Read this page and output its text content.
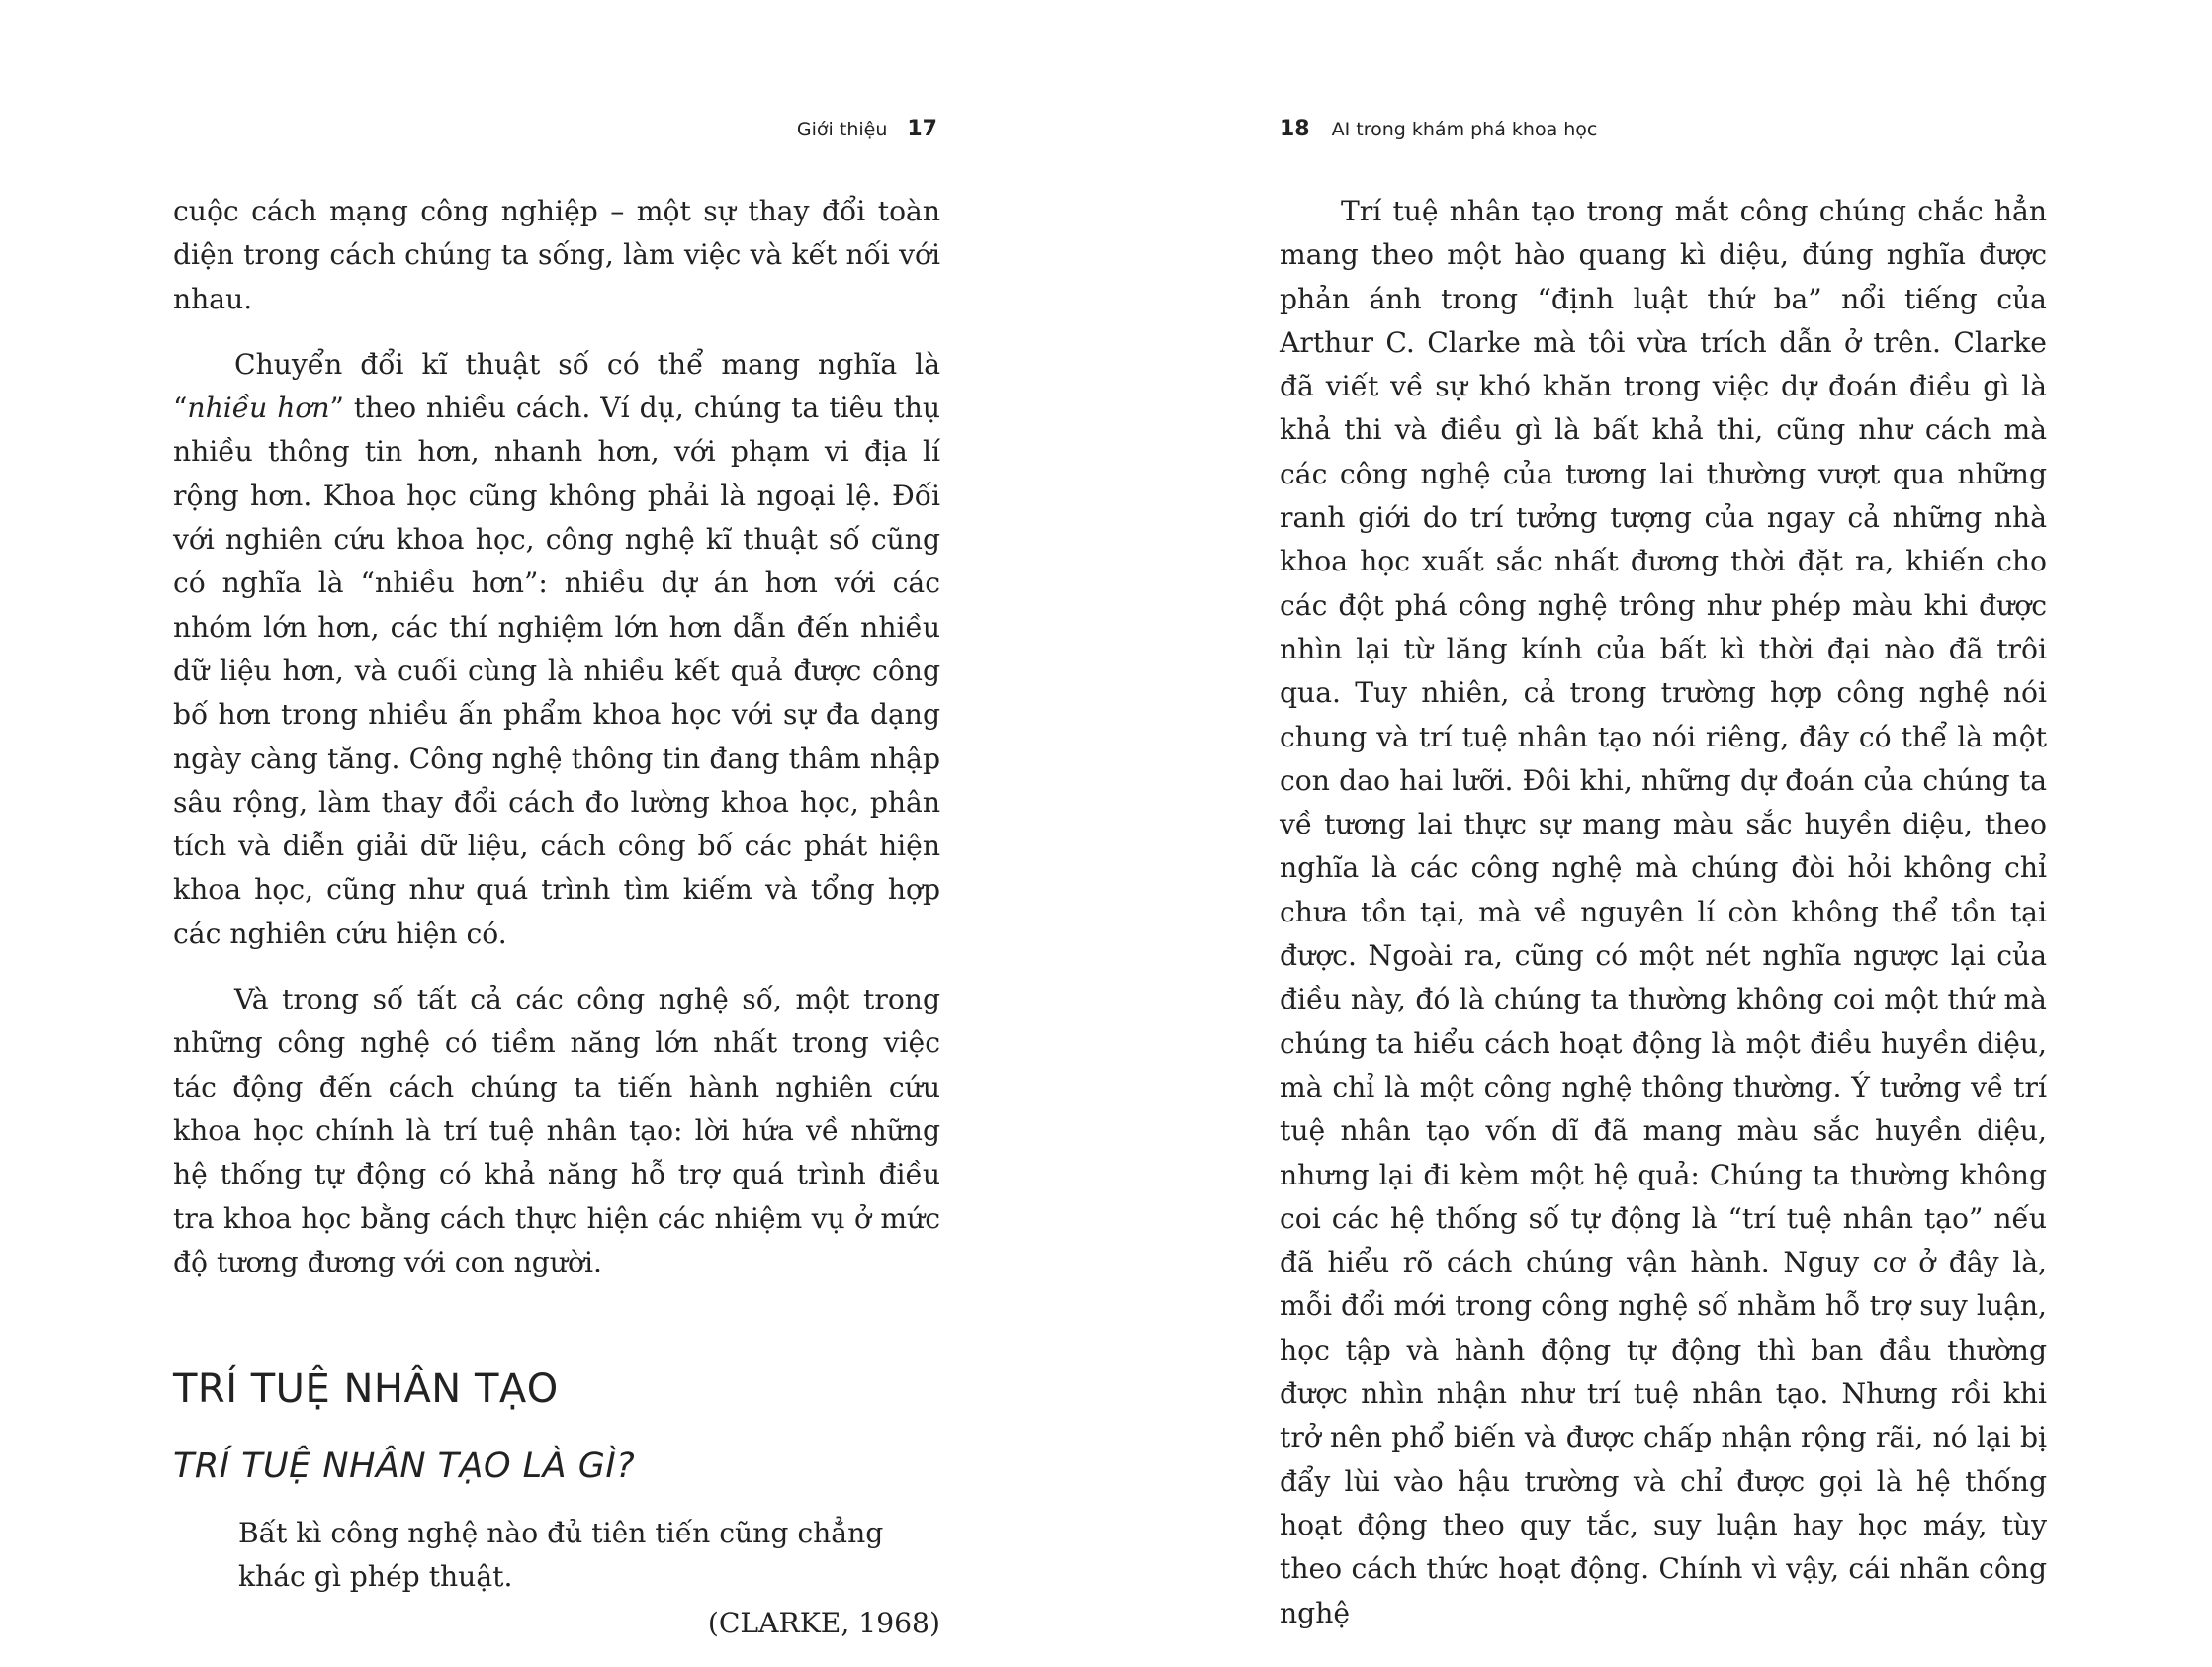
Giới thiệu 17

cuộc cách mạng công nghiệp – một sự thay đổi toàn diện trong cách chúng ta sống, làm việc và kết nối với nhau.

Chuyển đổi kĩ thuật số có thể mang nghĩa là “nhiều hơn” theo nhiều cách. Ví dụ, chúng ta tiêu thụ nhiều thông tin hơn, nhanh hơn, với phạm vi địa lí rộng hơn. Khoa học cũng không phải là ngoại lệ. Đối với nghiên cứu khoa học, công nghệ kĩ thuật số cũng có nghĩa là “nhiều hơn”: nhiều dự án hơn với các nhóm lớn hơn, các thí nghiệm lớn hơn dẫn đến nhiều dữ liệu hơn, và cuối cùng là nhiều kết quả được công bố hơn trong nhiều ấn phẩm khoa học với sự đa dạng ngày càng tăng. Công nghệ thông tin đang thâm nhập sâu rộng, làm thay đổi cách đo lường khoa học, phân tích và diễn giải dữ liệu, cách công bố các phát hiện khoa học, cũng như quá trình tìm kiếm và tổng hợp các nghiên cứu hiện có.

Và trong số tất cả các công nghệ số, một trong những công nghệ có tiềm năng lớn nhất trong việc tác động đến cách chúng ta tiến hành nghiên cứu khoa học chính là trí tuệ nhân tạo: lời hứa về những hệ thống tự động có khả năng hỗ trợ quá trình điều tra khoa học bằng cách thực hiện các nhiệm vụ ở mức độ tương đương với con người.

TRÍ TUỆ NHÂN TẠO
TRÍ TUỆ NHÂN TẠO LÀ GÌ?
Bất kì công nghệ nào đủ tiên tiến cũng chẳng khác gì phép thuật.
(CLARKE, 1968)
18 AI trong khám phá khoa học

Trí tuệ nhân tạo trong mắt công chúng chắc hẳn mang theo một hào quang kì diệu, đúng nghĩa được phản ánh trong “định luật thứ ba” nổi tiếng của Arthur C. Clarke mà tôi vừa trích dẫn ở trên. Clarke đã viết về sự khó khăn trong việc dự đoán điều gì là khả thi và điều gì là bất khả thi, cũng như cách mà các công nghệ của tương lai thường vượt qua những ranh giới do trí tưởng tượng của ngay cả những nhà khoa học xuất sắc nhất đương thời đặt ra, khiến cho các đột phá công nghệ trông như phép màu khi được nhìn lại từ lăng kính của bất kì thời đại nào đã trôi qua. Tuy nhiên, cả trong trường hợp công nghệ nói chung và trí tuệ nhân tạo nói riêng, đây có thể là một con dao hai lưỡi. Đôi khi, những dự đoán của chúng ta về tương lai thực sự mang màu sắc huyền diệu, theo nghĩa là các công nghệ mà chúng đòi hỏi không chỉ chưa tồn tại, mà về nguyên lí còn không thể tồn tại được. Ngoài ra, cũng có một nét nghĩa ngược lại của điều này, đó là chúng ta thường không coi một thứ mà chúng ta hiểu cách hoạt động là một điều huyền diệu, mà chỉ là một công nghệ thông thường. Ý tưởng về trí tuệ nhân tạo vốn dĩ đã mang màu sắc huyền diệu, nhưng lại đi kèm một hệ quả: Chúng ta thường không coi các hệ thống số tự động là “trí tuệ nhân tạo” nếu đã hiểu rõ cách chúng vận hành. Nguy cơ ở đây là, mỗi đổi mới trong công nghệ số nhằm hỗ trợ suy luận, học tập và hành động tự động thì ban đầu thường được nhìn nhận như trí tuệ nhân tạo. Nhưng rồi khi trở nên phổ biến và được chấp nhận rộng rãi, nó lại bị đẩy lùi vào hậu trường và chỉ được gọi là hệ thống hoạt động theo quy tắc, suy luận hay học máy, tùy theo cách thức hoạt động. Chính vì vậy, cái nhãn công nghệ
